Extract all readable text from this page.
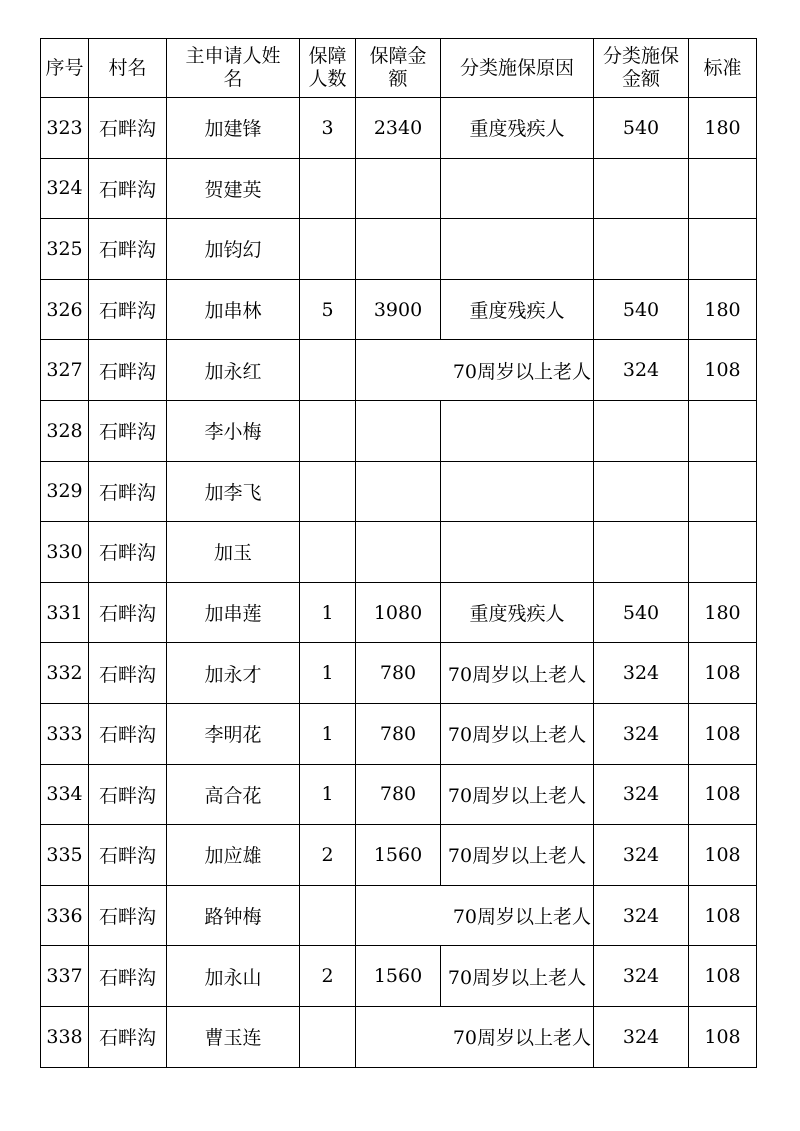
序号	村名	主申请人姓名	保障人数	保障金额	分类施保原因	分类施保金额	标准
323	石畔沟	加建锋	3	2340	重度残疾人	540	180
324	石畔沟	贺建英					
325	石畔沟	加钧幻					
326	石畔沟	加串林	5	3900	重度残疾人	540	180
327	石畔沟	加永红		70周岁以上老人		324	108
328	石畔沟	李小梅					
329	石畔沟	加李飞					
330	石畔沟	加玉					
331	石畔沟	加串莲	1	1080	重度残疾人	540	180
332	石畔沟	加永才	1	780	70周岁以上老人	324	108
333	石畔沟	李明花	1	780	70周岁以上老人	324	108
334	石畔沟	高合花	1	780	70周岁以上老人	324	108
335	石畔沟	加应雄	2	1560	70周岁以上老人	324	108
336	石畔沟	路钟梅		70周岁以上老人		324	108
337	石畔沟	加永山	2	1560	70周岁以上老人	324	108
338	石畔沟	曹玉连		70周岁以上老人		324	108
